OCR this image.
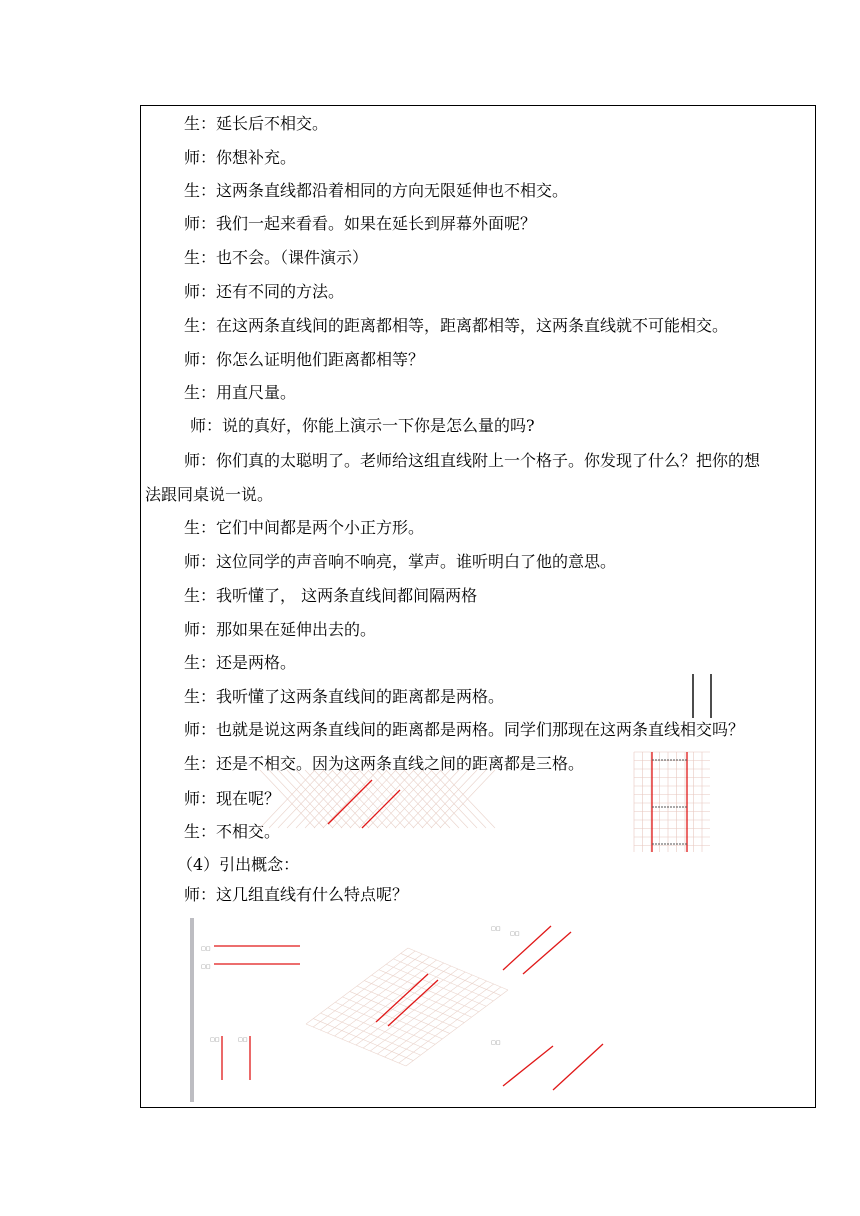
生：延长后不相交。
师：你想补充。
生：这两条直线都沿着相同的方向无限延伸也不相交。
师：我们一起来看看。如果在延长到屏幕外面呢？
生：也不会。（课件演示）
师：还有不同的方法。
生：在这两条直线间的距离都相等，距离都相等，这两条直线就不可能相交。
师：你怎么证明他们距离都相等？
生：用直尺量。
师：说的真好，你能上演示一下你是怎么量的吗?
师：你们真的太聪明了。老师给这组直线附上一个格子。你发现了什么？把你的想
法跟同桌说一说。
生：它们中间都是两个小正方形。
师：这位同学的声音响不响亮，掌声。谁听明白了他的意思。
生：我听懂了， 这两条直线间都间隔两格
师：那如果在延伸出去的。
生：还是两格。
生：我听懂了这两条直线间的距离都是两格。
师：也就是说这两条直线间的距离都是两格。同学们那现在这两条直线相交吗？
生：还是不相交。因为这两条直线之间的距离都是三格。
师：现在呢？
生：不相交。
（4）引出概念：
师：这几组直线有什么特点呢？
□□
□□
□□	□□
□□
□□
□□
